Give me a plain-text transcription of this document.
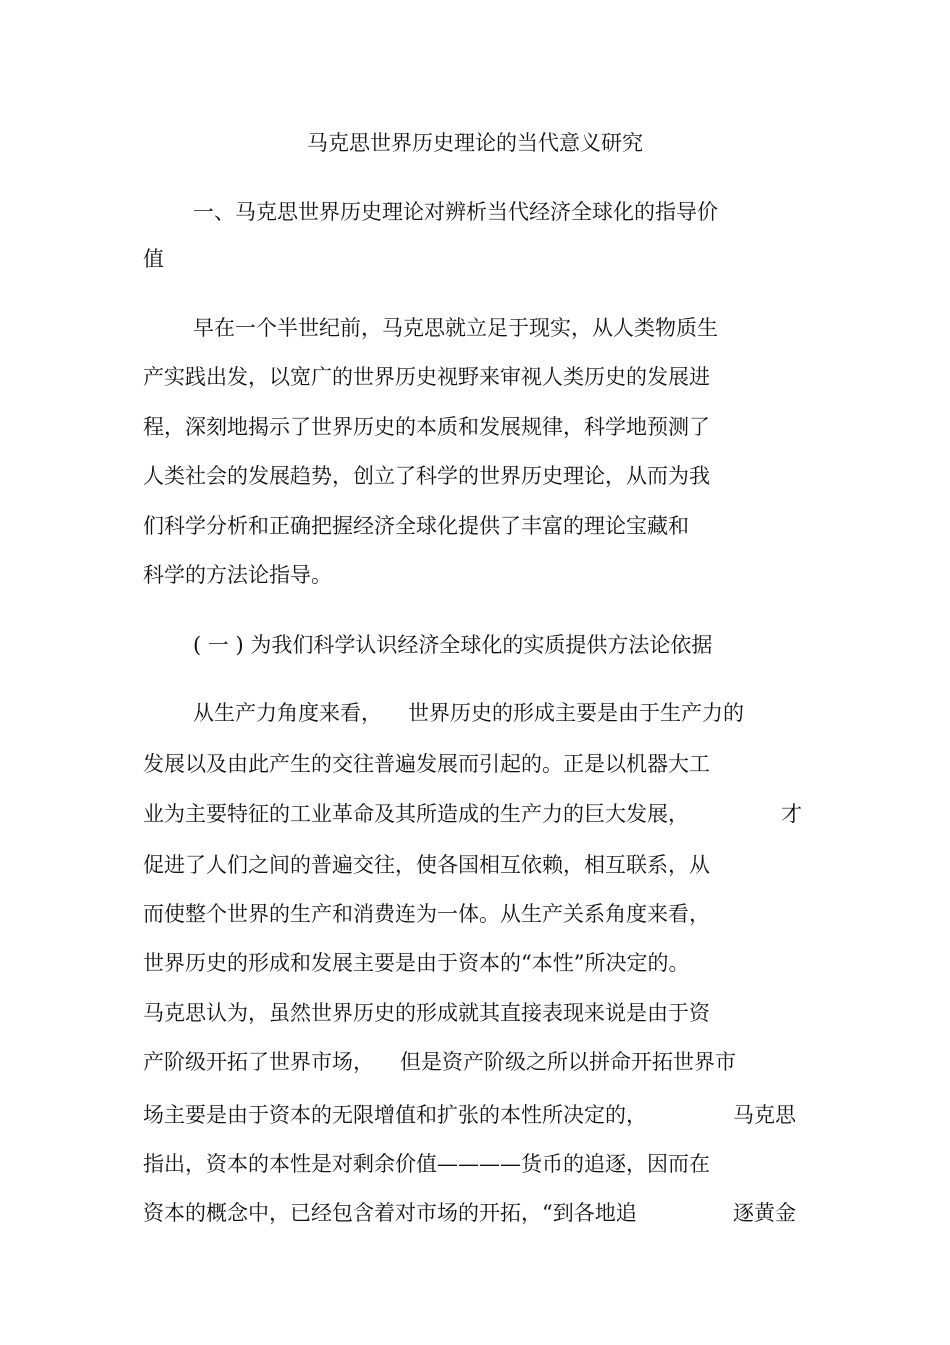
马克思世界历史理论的当代意义研究
一、马克思世界历史理论对辨析当代经济全球化的指导价
值
早在一个半世纪前，马克思就立足于现实，从人类物质生
产实践出发，以宽广的世界历史视野来审视人类历史的发展进
程，深刻地揭示了世界历史的本质和发展规律，科学地预测了
人类社会的发展趋势，创立了科学的世界历史理论，从而为我
们科学分析和正确把握经济全球化提供了丰富的理论宝藏和
科学的方法论指导。
( 一 ) 为我们科学认识经济全球化的实质提供方法论依据
从生产力角度来看， 世界历史的形成主要是由于生产力的
发展以及由此产生的交往普遍发展而引起的。正是以机器大工
业为主要特征的工业革命及其所造成的生产力的巨大发展，	才
促进了人们之间的普遍交往，使各国相互依赖，相互联系，从
而使整个世界的生产和消费连为一体。从生产关系角度来看，
世界历史的形成和发展主要是由于资本的“本性”所决定的。
马克思认为，虽然世界历史的形成就其直接表现来说是由于资
产阶级开拓了世界市场， 但是资产阶级之所以拼命开拓世界市
场主要是由于资本的无限增值和扩张的本性所决定的，	马克思
指出，资本的本性是对剩余价值————货币的追逐，因而在
资本的概念中，已经包含着对市场的开拓，“到各地追	逐黄金
